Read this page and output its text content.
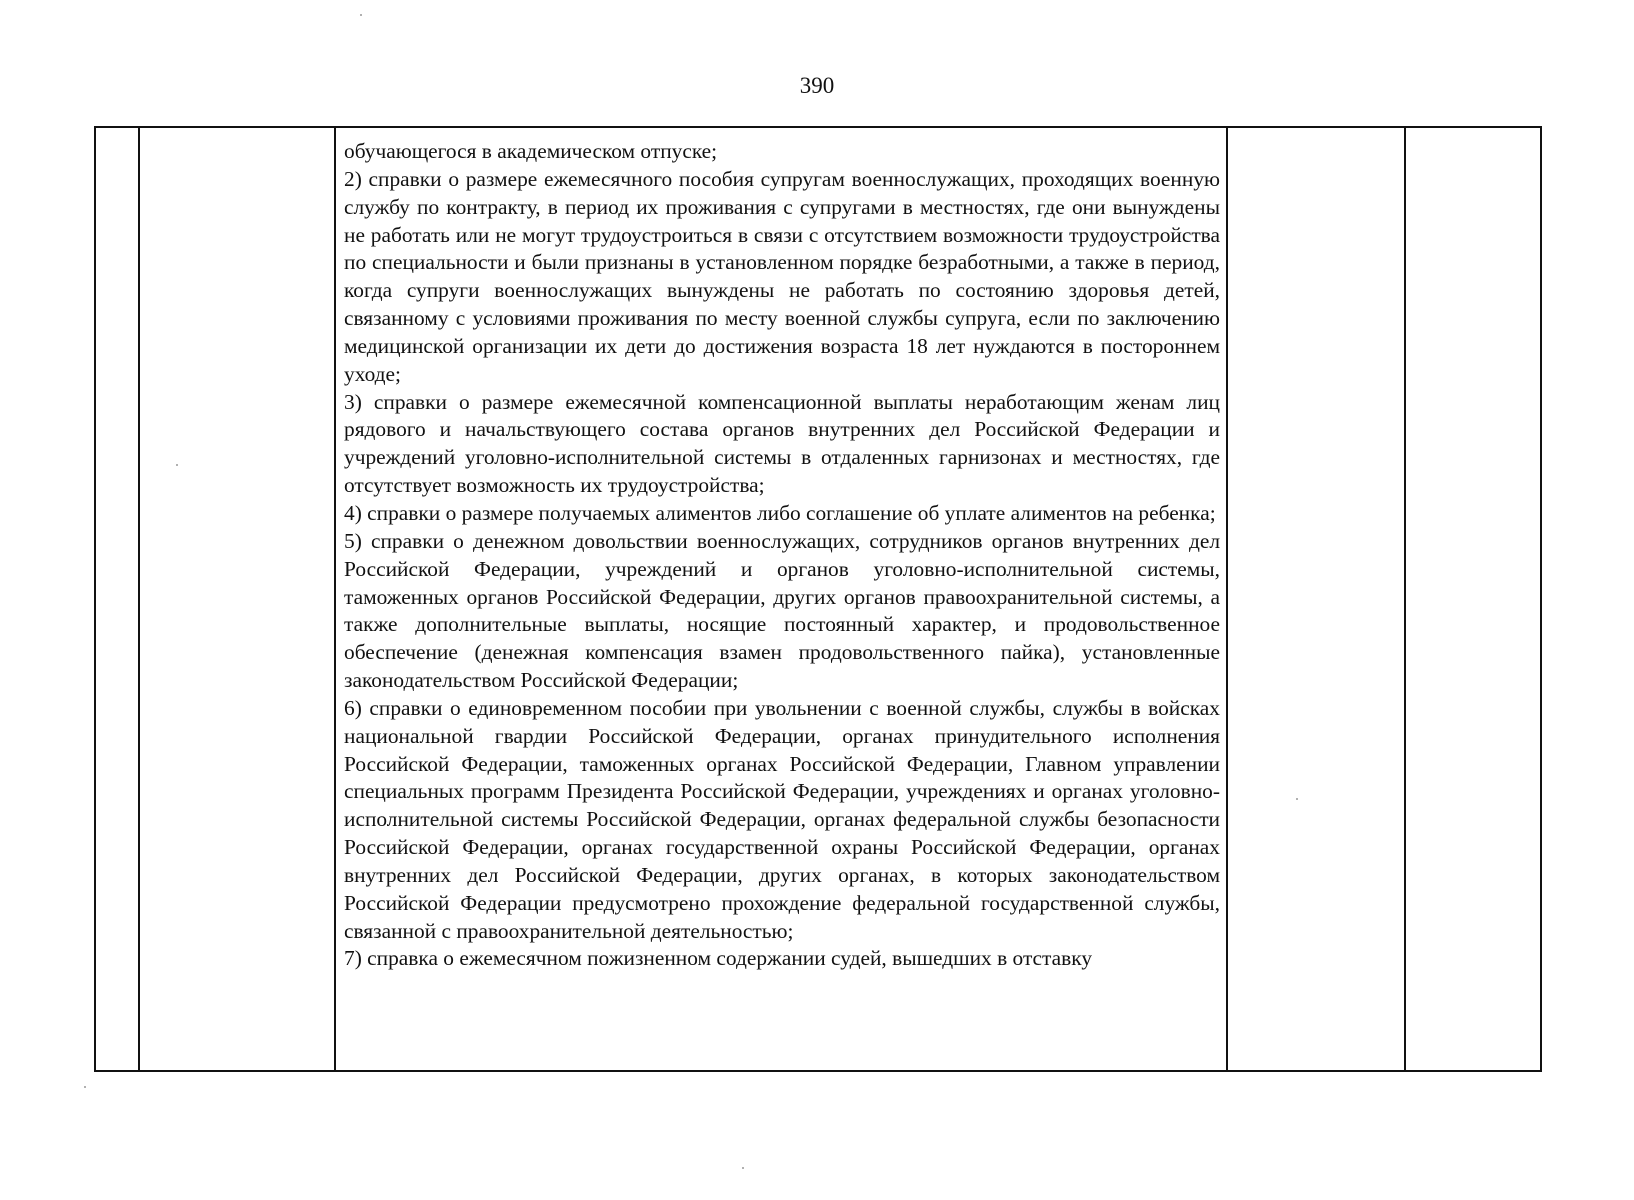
390

обучающегося в академическом отпуске;

2) справки о размере ежемесячного пособия супругам военнослужащих, проходящих военную службу по контракту, в период их проживания с супругами в местностях, где они вынуждены не работать или не могут трудоустроиться в связи с отсутствием возможности трудоустройства по специальности и были признаны в установленном порядке безработными, а также в период, когда супруги военнослужащих вынуждены не работать по состоянию здоровья детей, связанному с условиями проживания по месту военной службы супруга, если по заключению медицинской организации их дети до достижения возраста 18 лет нуждаются в постороннем уходе;

3) справки о размере ежемесячной компенсационной выплаты неработающим женам лиц рядового и начальствующего состава органов внутренних дел Российской Федерации и учреждений уголовно-исполнительной системы в отдаленных гарнизонах и местностях, где отсутствует возможность их трудоустройства;

4) справки о размере получаемых алиментов либо соглашение об уплате алиментов на ребенка;

5) справки о денежном довольствии военнослужащих, сотрудников органов внутренних дел Российской Федерации, учреждений и органов уголовно-исполнительной системы, таможенных органов Российской Федерации, других органов правоохранительной системы, а также дополнительные выплаты, носящие постоянный характер, и продовольственное обеспечение (денежная компенсация взамен продовольственного пайка), установленные законодательством Российской Федерации;

6) справки о единовременном пособии при увольнении с военной службы, службы в войсках национальной гвардии Российской Федерации, органах принудительного исполнения Российской Федерации, таможенных органах Российской Федерации, Главном управлении специальных программ Президента Российской Федерации, учреждениях и органах уголовно-исполнительной системы Российской Федерации, органах федеральной службы безопасности Российской Федерации, органах государственной охраны Российской Федерации, органах внутренних дел Российской Федерации, других органах, в которых законодательством Российской Федерации предусмотрено прохождение федеральной государственной службы, связанной с правоохранительной деятельностью;

7) справка о ежемесячном пожизненном содержании судей, вышедших в отставку
